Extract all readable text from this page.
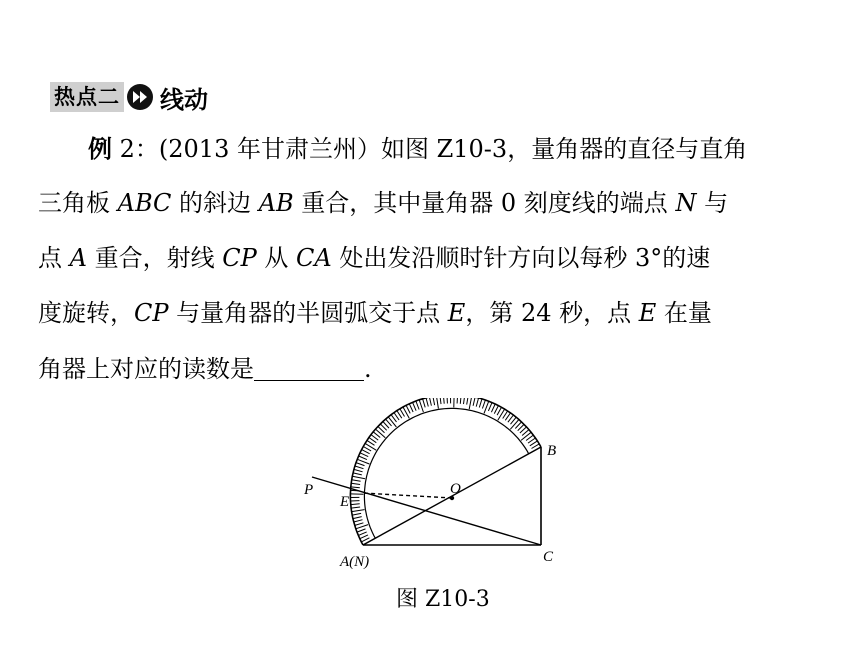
热点二 线动
例 2：(2013 年甘肃兰州）如图 Z10-3，量角器的直径与直角
三角板 ABC 的斜边 AB 重合，其中量角器 0 刻度线的端点 N 与
点 A 重合，射线 CP 从 CA 处出发沿顺时针方向以每秒 3°的速
度旋转，CP 与量角器的半圆弧交于点 E，第 24 秒，点 E 在量
角器上对应的读数是	.
P
E
O
B
C
A(N)
图 Z10-3
